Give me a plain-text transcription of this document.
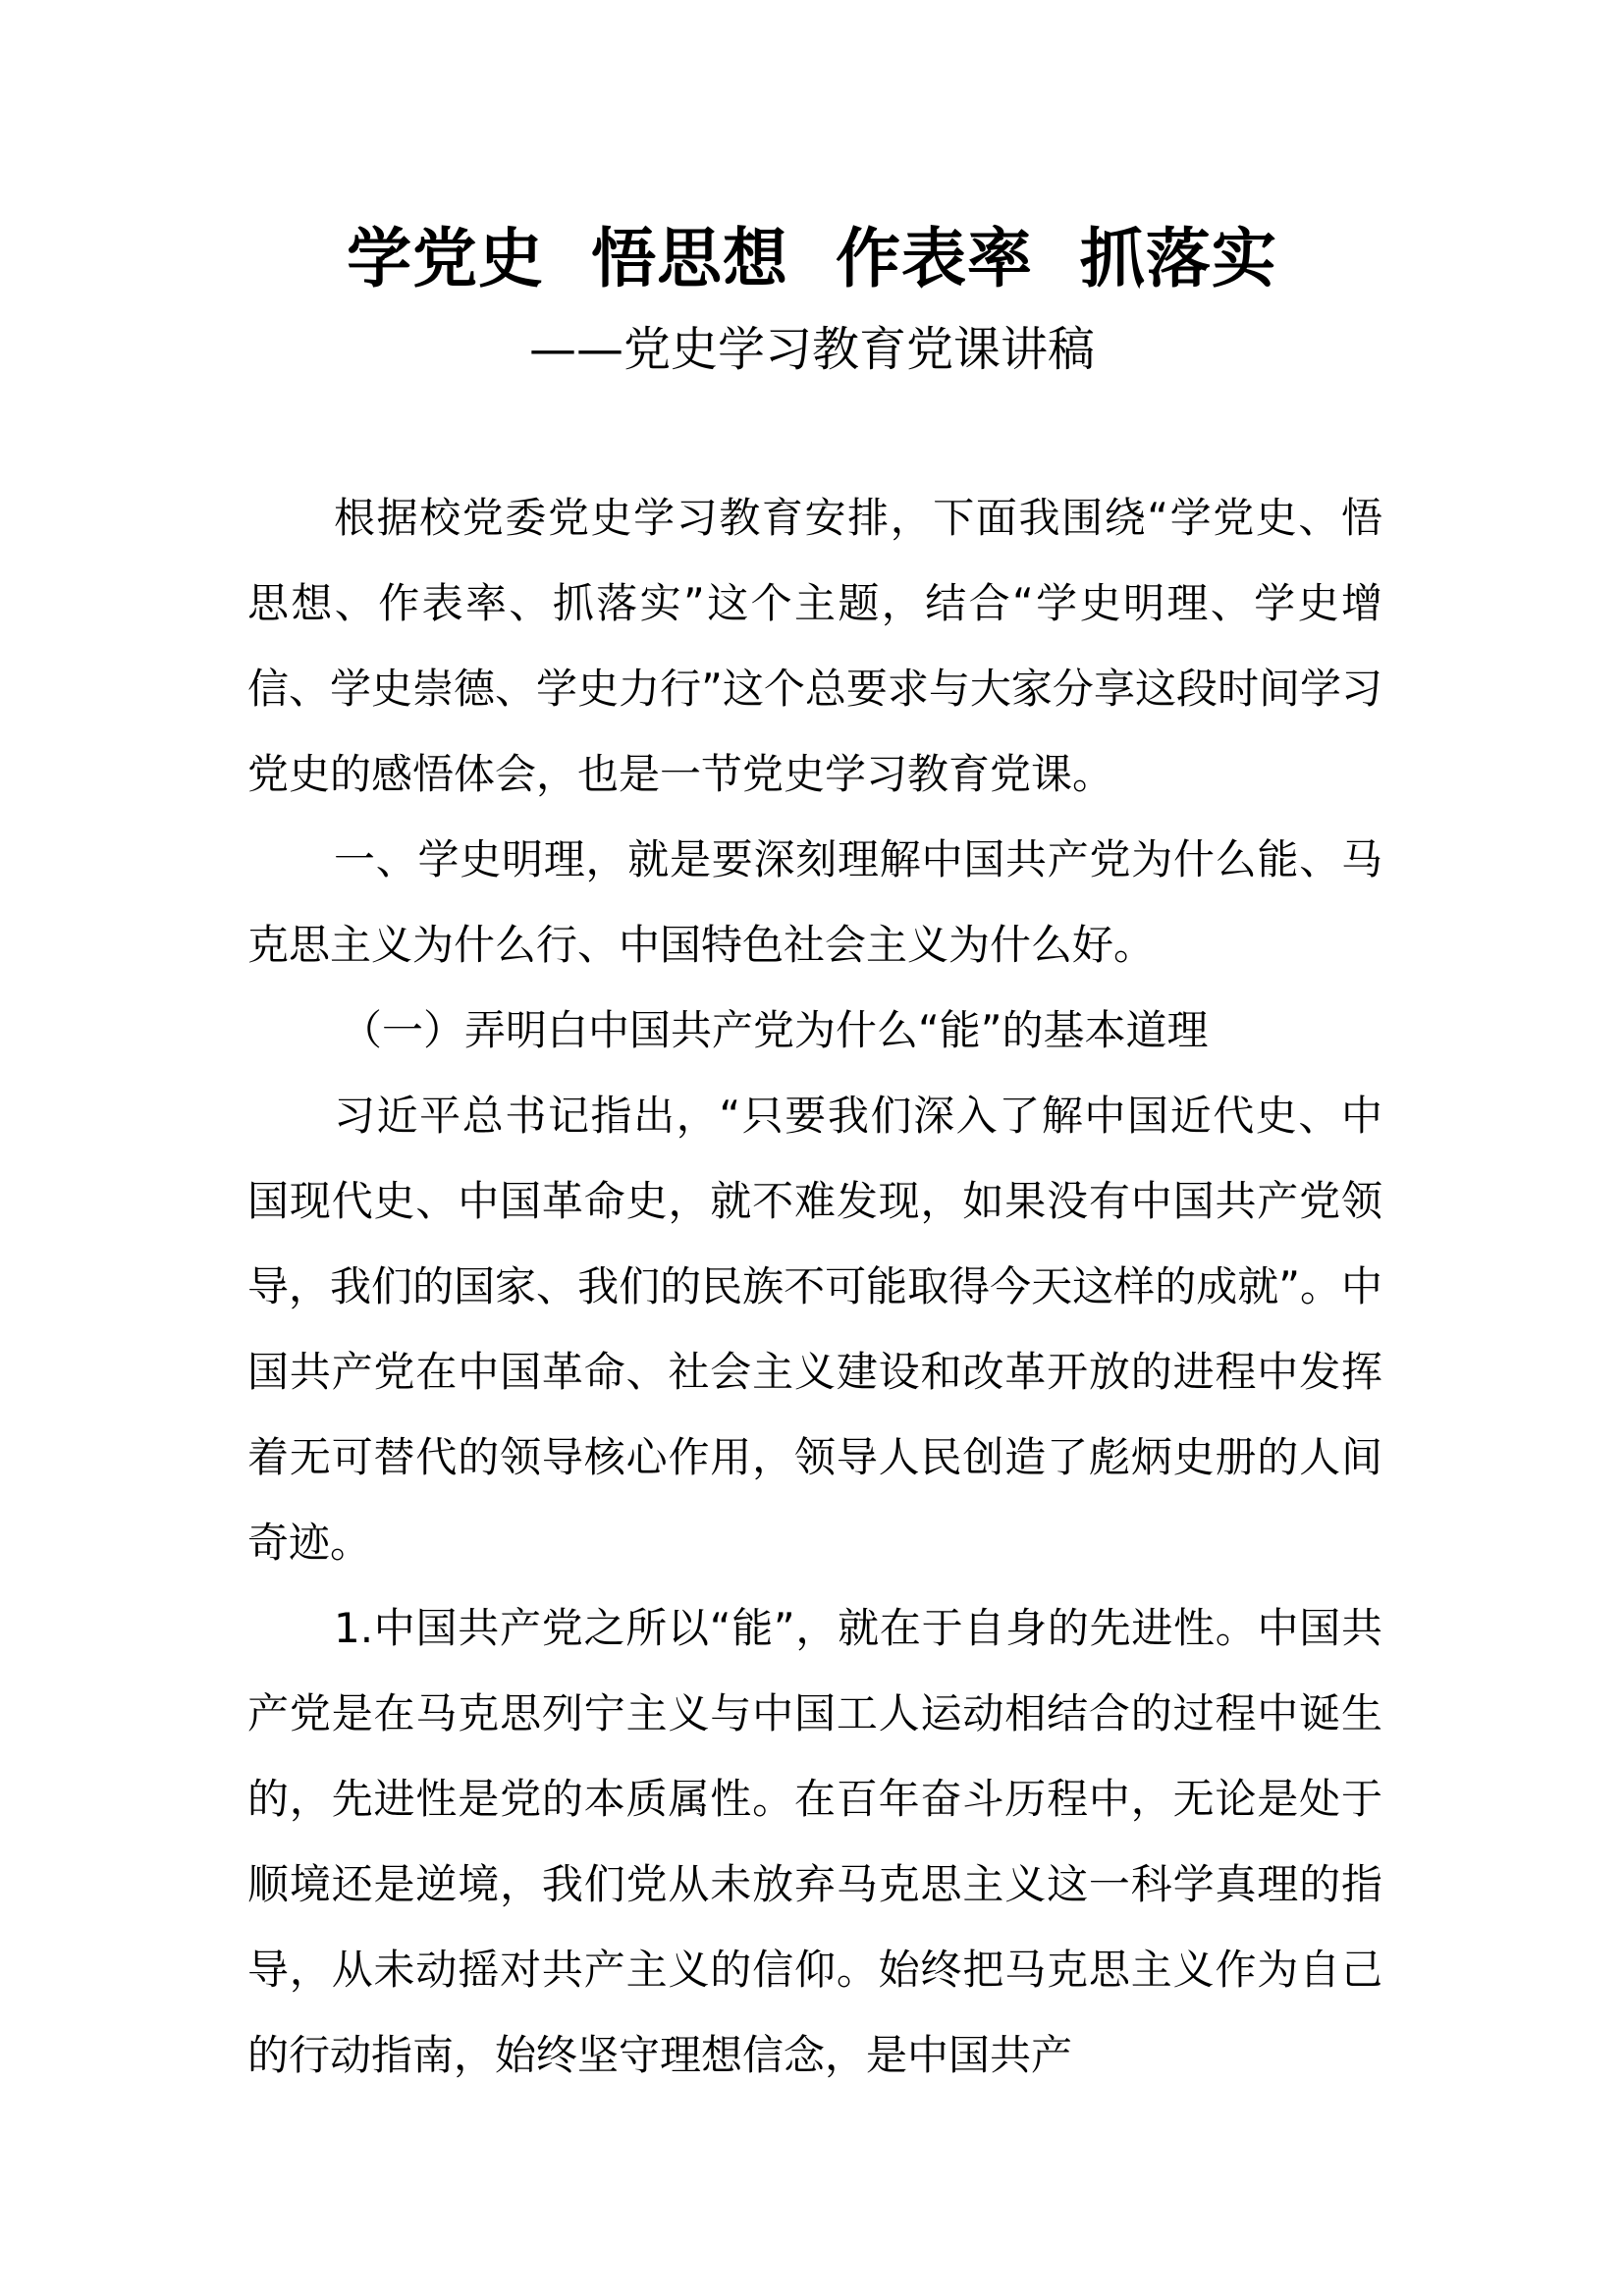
学党史  悟思想  作表率  抓落实
——党史学习教育党课讲稿

根据校党委党史学习教育安排，下面我围绕“学党史、悟思想、作表率、抓落实”这个主题，结合“学史明理、学史增信、学史崇德、学史力行”这个总要求与大家分享这段时间学习党史的感悟体会，也是一节党史学习教育党课。

一、学史明理，就是要深刻理解中国共产党为什么能、马克思主义为什么行、中国特色社会主义为什么好。

（一）弄明白中国共产党为什么“能”的基本道理

习近平总书记指出，“只要我们深入了解中国近代史、中国现代史、中国革命史，就不难发现，如果没有中国共产党领导，我们的国家、我们的民族不可能取得今天这样的成就”。中国共产党在中国革命、社会主义建设和改革开放的进程中发挥着无可替代的领导核心作用，领导人民创造了彪炳史册的人间奇迹。

1.中国共产党之所以“能”，就在于自身的先进性。中国共产党是在马克思列宁主义与中国工人运动相结合的过程中诞生的，先进性是党的本质属性。在百年奋斗历程中，无论是处于顺境还是逆境，我们党从未放弃马克思主义这一科学真理的指导，从未动摇对共产主义的信仰。始终把马克思主义作为自己的行动指南，始终坚守理想信念，是中国共产
